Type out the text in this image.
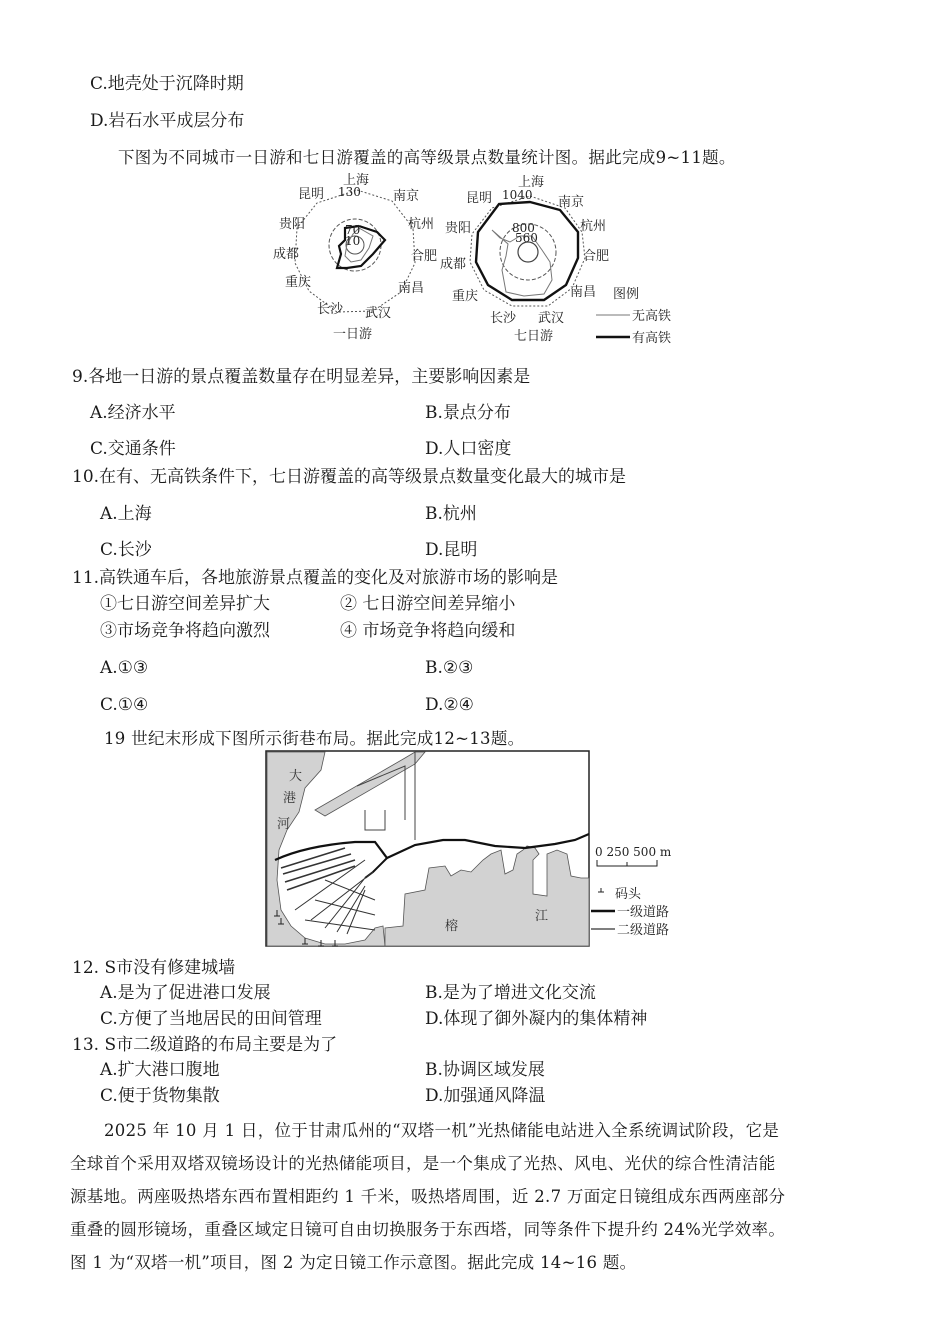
C.地壳处于沉降时期
D.岩石水平成层分布
下图为不同城市一日游和七日游覆盖的高等级景点数量统计图。据此完成9~11题。
70
10
130
上海
南京
杭州
合肥
南昌
武汉
长沙
重庆
成都
贵阳
昆明
一日游
800
560
1040
上海
南京
杭州
合肥
南昌
武汉
长沙
重庆
成都
贵阳
昆明
七日游
图例
无高铁
有高铁
9.各地一日游的景点覆盖数量存在明显差异，主要影响因素是
A.经济水平	B.景点分布
C.交通条件	D.人口密度
10.在有、无高铁条件下，七日游覆盖的高等级景点数量变化最大的城市是
A.上海	B.杭州
C.长沙	D.昆明
11.高铁通车后，各地旅游景点覆盖的变化及对旅游市场的影响是
①七日游空间差异扩大	② 七日游空间差异缩小
③市场竞争将趋向激烈	④ 市场竞争将趋向缓和
A.①③	B.②③
C.①④	D.②④
19 世纪末形成下图所示街巷布局。据此完成12~13题。
大
港
河
榕
江
0 250 500 m
码头
一级道路
二级道路
12. S市没有修建城墙
A.是为了促进港口发展	B.是为了增进文化交流
C.方便了当地居民的田间管理	D.体现了御外凝内的集体精神
13. S市二级道路的布局主要是为了
A.扩大港口腹地	B.协调区域发展
C.便于货物集散	D.加强通风降温
2025 年 10 月 1 日，位于甘肃瓜州的“双塔一机”光热储能电站进入全系统调试阶段，它是
全球首个采用双塔双镜场设计的光热储能项目，是一个集成了光热、风电、光伏的综合性清洁能
源基地。两座吸热塔东西布置相距约 1 千米，吸热塔周围，近 2.7 万面定日镜组成东西两座部分
重叠的圆形镜场，重叠区域定日镜可自由切换服务于东西塔，同等条件下提升约 24%光学效率。
图 1 为“双塔一机”项目，图 2 为定日镜工作示意图。据此完成 14~16 题。
